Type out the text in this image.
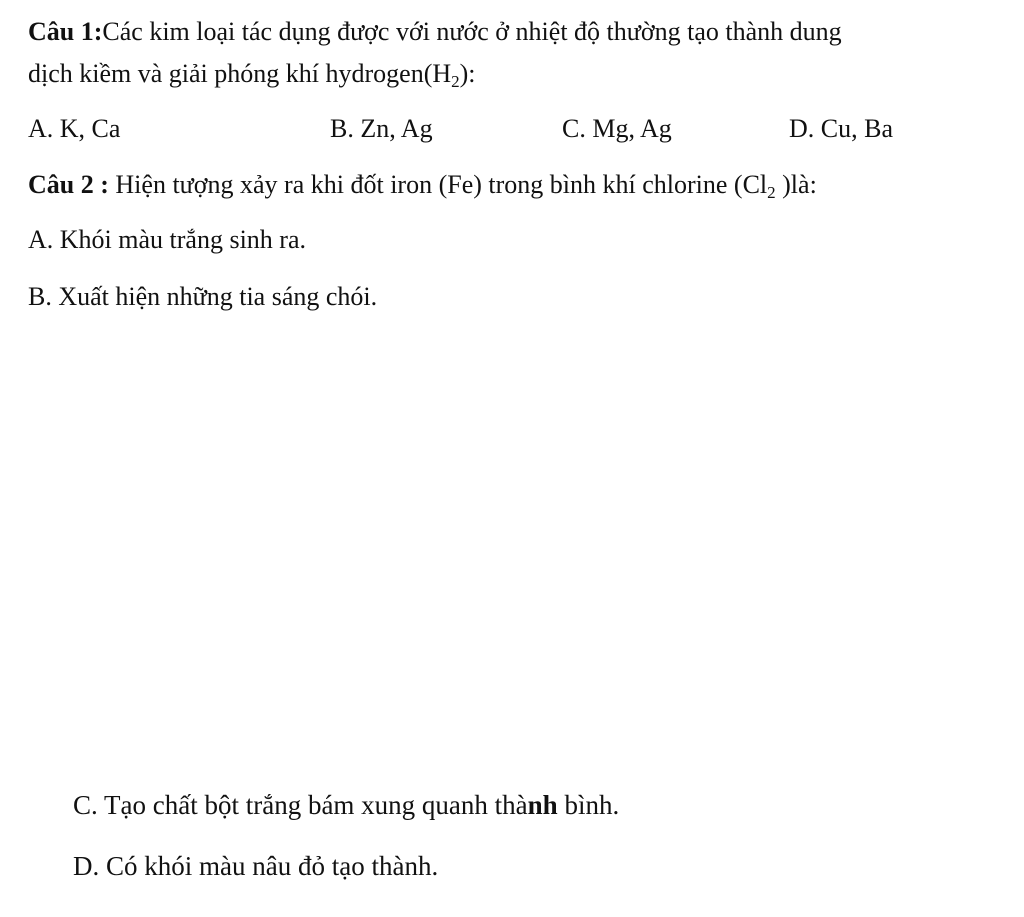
Câu 1:Các kim loại tác dụng được với nước ở nhiệt độ thường tạo thành dung
dịch kiềm và giải phóng khí $hydrogen(H_2)$:
A. K, Ca	B. Zn, Ag	C. Mg, Ag	D. Cu, Ba
Câu 2 : Hiện tượng xảy ra khi đốt iron (Fe) trong bình khí chlorine ($Cl_2$ )là:
A. Khói màu trắng sinh ra.
B. Xuất hiện những tia sáng chói.
C. Tạo chất bột trắng bám xung quanh thành bình.
D. Có khói màu nâu đỏ tạo thành.
